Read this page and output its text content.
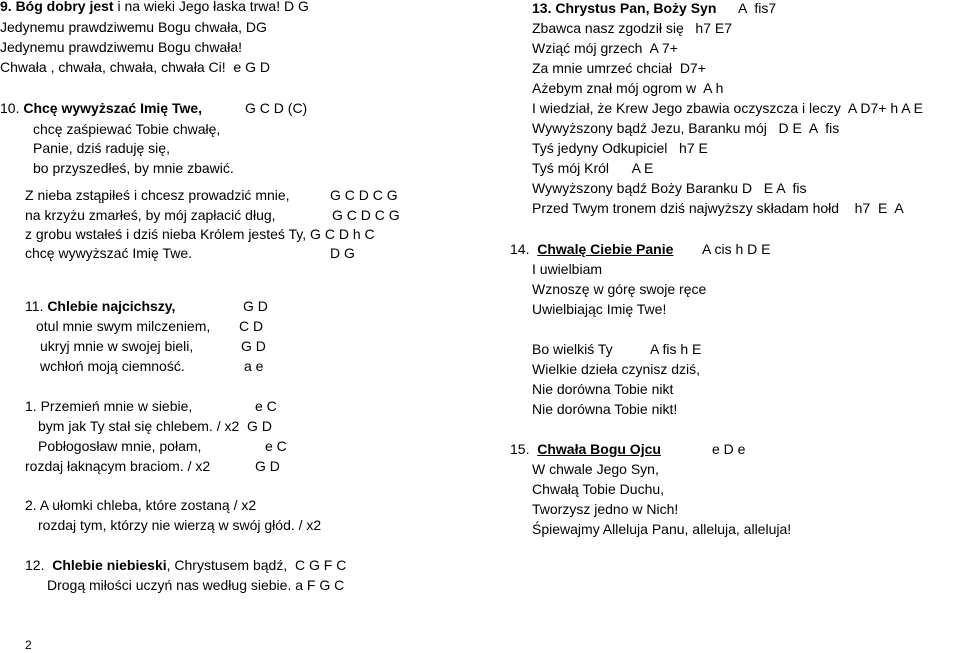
9. Bóg dobry jest i na wieki Jego łaska trwa! D G
Jedynemu prawdziwemu Bogu chwała, DG
Jedynemu prawdziwemu Bogu chwała!
Chwała , chwała, chwała, chwała Ci!  e G D
10. Chcę wywyższać Imię Twe,	G C D (C)
chcę zaśpiewać Tobie chwałę,
Panie, dziś raduję się,
bo przyszedłeś, by mnie zbawić.
Z nieba zstąpiłeś i chcesz prowadzić mnie,	G C D C G
na krzyżu zmarłeś, by mój zapłacić dług,	G C D C G
z grobu wstałeś i dziś nieba Królem jesteś Ty, G C D h C
chcę wywyższać Imię Twe.	D G
11. Chlebie najcichszy,	G D
otul mnie swym milczeniem, C D
ukryj mnie w swojej bieli,	G D
wchłoń moją ciemność.	a e
1. Przemień mnie w siebie,	e C
bym jak Ty stał się chlebem. / x2  G D
Pobłogosław mnie, połam,	e C
rozdaj łaknącym braciom. / x2	G D
2. A ułomki chleba, które zostaną / x2
rozdaj tym, którzy nie wierzą w swój głód. / x2
12.  Chlebie niebieski, Chrystusem bądź,  C G F C
Drogą miłości uczyń nas według siebie. a F G C
2
13. Chrystus Pan, Boży Syn A  fis7
Zbawca nasz zgodził się   h7 E7
Wziąć mój grzech  A 7+
Za mnie umrzeć chciał  D7+
Ażebym znał mój ogrom w  A h
I wiedział, że Krew Jego zbawia oczyszcza i leczy  A D7+ h A E
Wywyższony bądź Jezu, Baranku mój   D E  A  fis
Tyś jedyny Odkupiciel   h7 E
Tyś mój Król      A E
Wywyższony bądź Boży Baranku D   E A  fis
Przed Twym tronem dziś najwyższy składam hołd    h7  E  A
14.  Chwalę Ciebie Panie A cis h D E
I uwielbiam
Wznoszę w górę swoje ręce
Uwielbiając Imię Twe!
Bo wielkiś Ty	A fis h E
Wielkie dzieła czynisz dziś,
Nie dorówna Tobie nikt
Nie dorówna Tobie nikt!
15.  Chwała Bogu Ojcu	e D e
W chwale Jego Syn,
Chwałą Tobie Duchu,
Tworzysz jedno w Nich!
Śpiewajmy Alleluja Panu, alleluja, alleluja!
